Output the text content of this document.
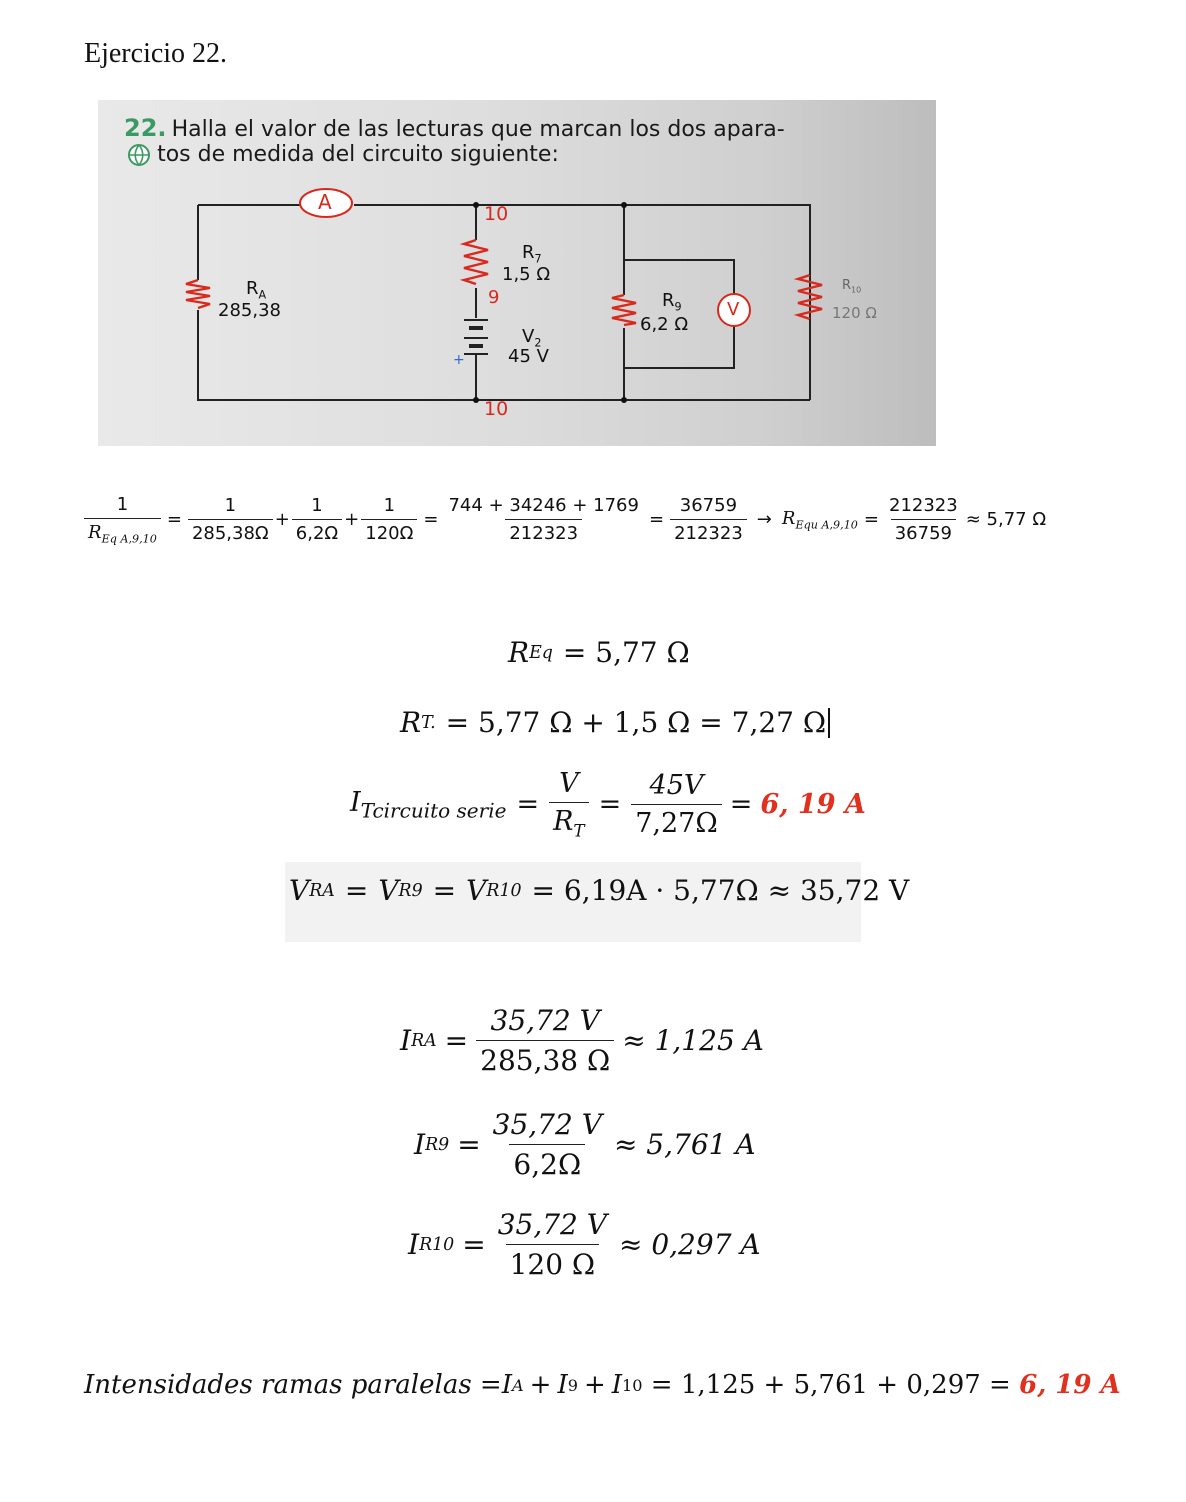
Ejercicio 22.
22. Halla el valor de las lecturas que marcan los dos apara-
tos de medida del circuito siguiente:
A
V
10
10
9
$R_A$
285,38
$R_7$
1,5 Ω
$V_2$
45 V
+
$R_9$
6,2 Ω
$R_{10}$
120 Ω
$\frac{1}{R_{Eq A,9,10}} = \frac{1}{285,38\Omega} + \frac{1}{6,2\Omega} + \frac{1}{120\Omega} = \frac{744 + 34246 + 1769}{212323} = \frac{36759}{212323} \to R_{Equ A,9,10} = \frac{212323}{36759} \approx 5,77$ Ω
R Eq = 5,77 Ω
R T. = 5,77 Ω + 1,5 Ω = 7,27 Ω
$I_{Tcircuito serie} = \frac{V}{R_T} = \frac{45V}{7,27\Omega} = 6$, 19 A
V RA = V R9 = V R10 = 6,19A · 5,77Ω ≈ 35,72 V
I RA = $\frac{35,72 V}{285,38 \Omega} \approx 1,125$ A
I $R9 = \frac{35,72 V}{6,2\Omega} \approx 5,761$ A
I $R10 = \frac{35,72 V}{120 \Omega} \approx 0,297$ A
Intensidades ramas paralelas = I A + I 9 + I 10 = 1,125 + 5,761 + 0,297 = 6, 19 A
